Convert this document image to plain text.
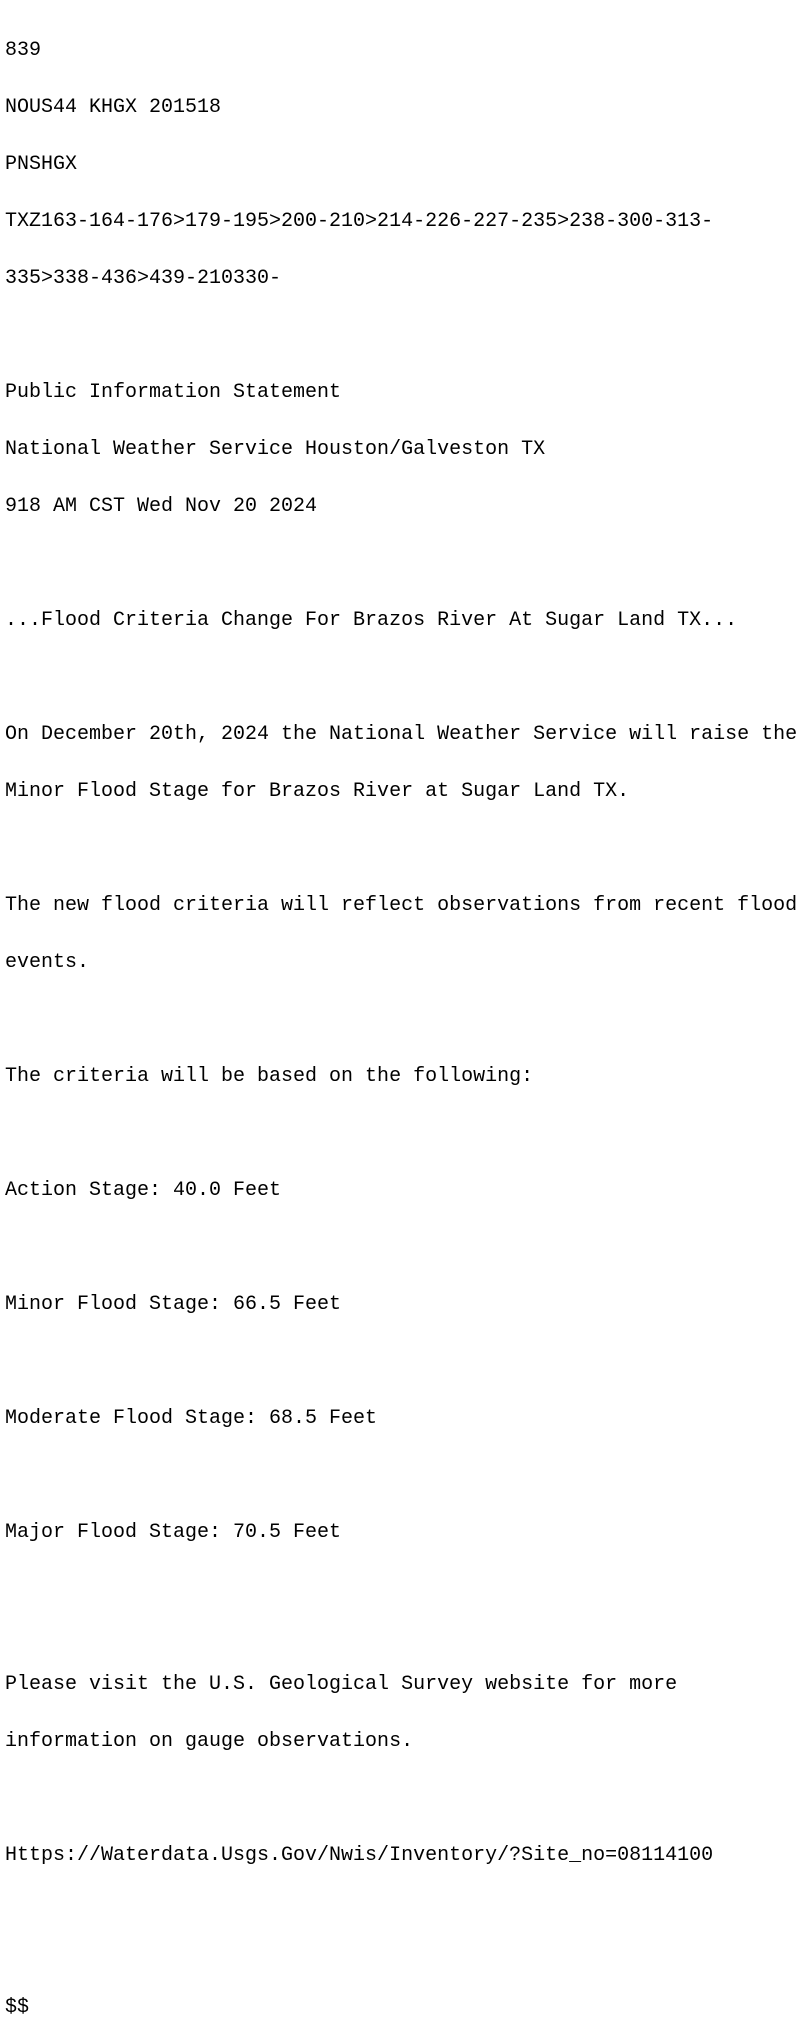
839

NOUS44 KHGX 201518

PNSHGX

TXZ163-164-176>179-195>200-210>214-226-227-235>238-300-313-

335>338-436>439-210330-

Public Information Statement

National Weather Service Houston/Galveston TX

918 AM CST Wed Nov 20 2024

...Flood Criteria Change For Brazos River At Sugar Land TX...

On December 20th, 2024 the National Weather Service will raise the

Minor Flood Stage for Brazos River at Sugar Land TX.

The new flood criteria will reflect observations from recent flood

events.

The criteria will be based on the following:

Action Stage: 40.0 Feet

Minor Flood Stage: 66.5 Feet

Moderate Flood Stage: 68.5 Feet

Major Flood Stage: 70.5 Feet

Please visit the U.S. Geological Survey website for more

information on gauge observations.

Https://Waterdata.Usgs.Gov/Nwis/Inventory/?Site_no=08114100

$$
